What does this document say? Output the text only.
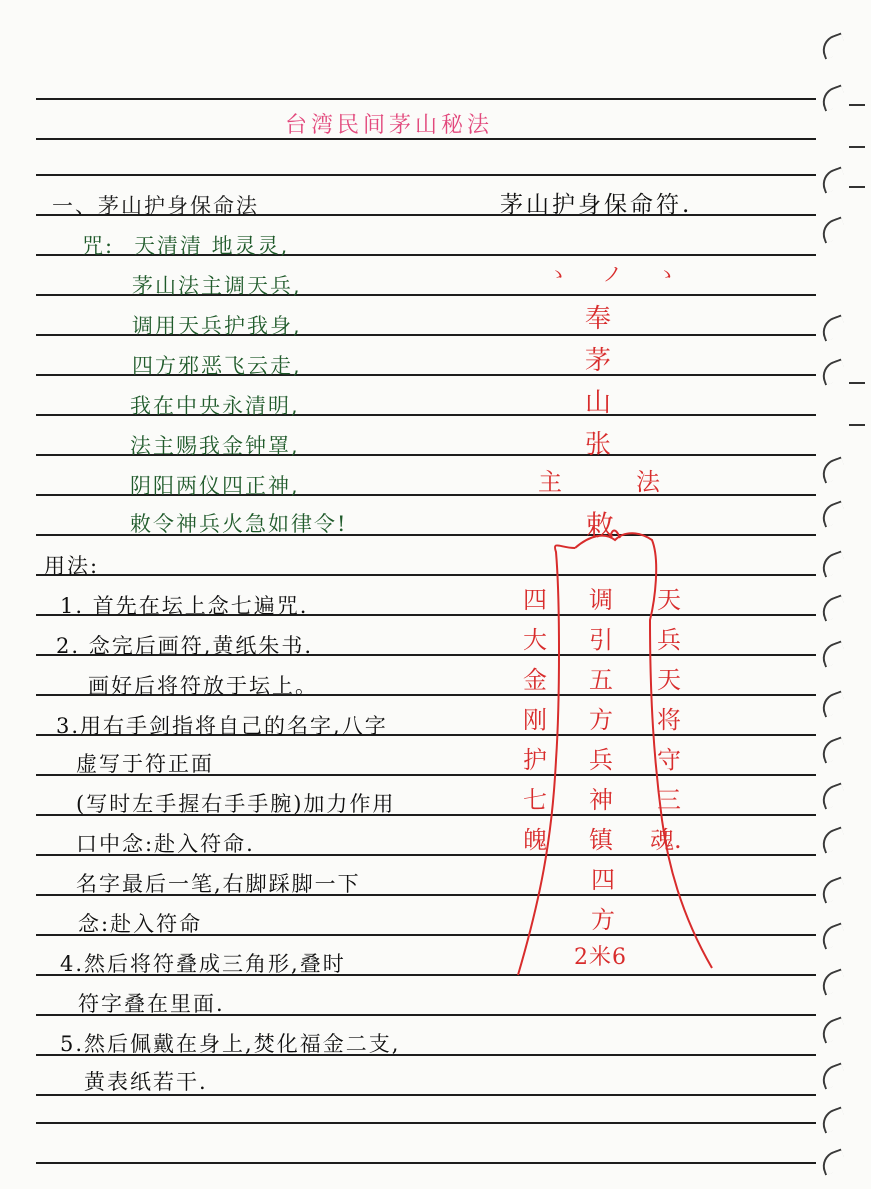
台湾民间茅山秘法
一、茅山护身保命法
咒: 天清清 地灵灵,
茅山法主调天兵,
调用天兵护我身,
四方邪恶飞云走,
我在中央永清明,
法主赐我金钟罩,
阴阳两仪四正神,
敕令神兵火急如律令!
用法:
1. 首先在坛上念七遍咒.
2. 念完后画符,黄纸朱书.
画好后将符放于坛上。
3.用右手剑指将自己的名字,八字
虚写于符正面
(写时左手握右手手腕)加力作用
口中念:赴入符命.
名字最后一笔,右脚踩脚一下
念:赴入符命
4.然后将符叠成三角形,叠时
符字叠在里面.
5.然后佩戴在身上,焚化福金二支,
黄表纸若干.
茅山护身保命符.
ゝ ノ ゝ
奉
茅
山
张
主	法
敕
四
大
金
刚
护
七
魄
调
引
五
方
兵
神
镇
四
方
天
兵
天
将
守
三
魂.
2米6
